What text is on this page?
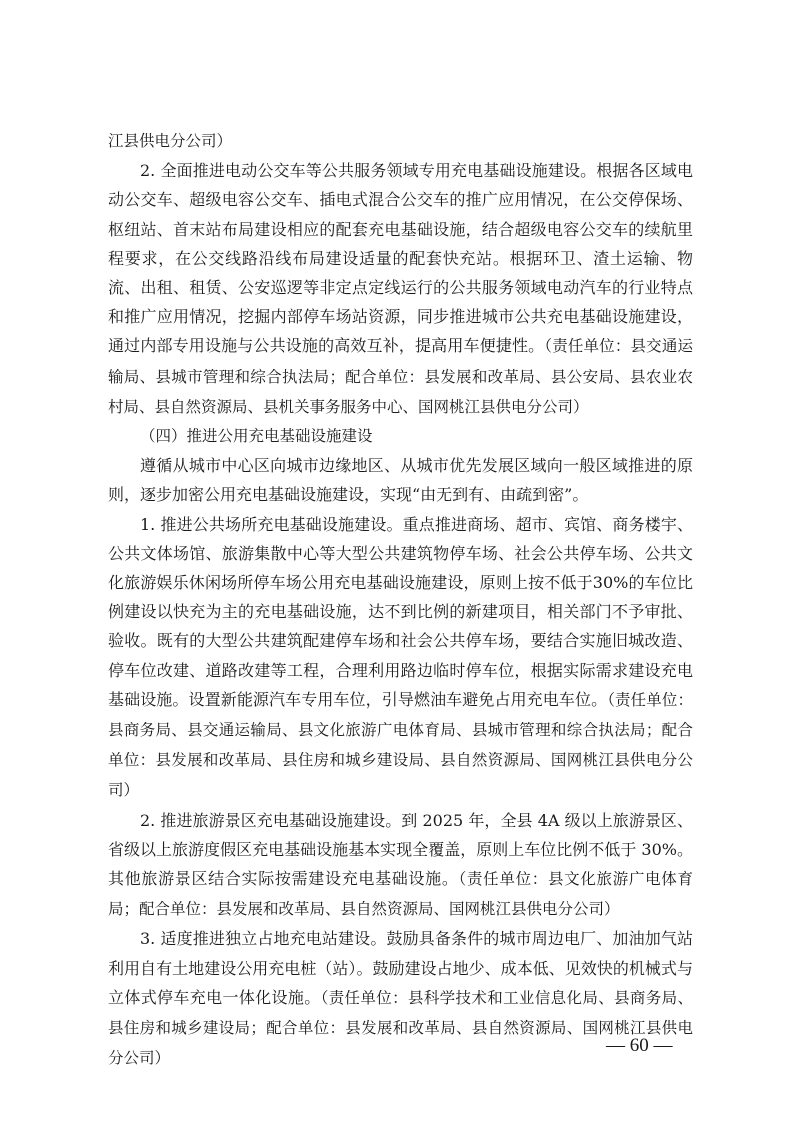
江县供电分公司）

2. 全面推进电动公交车等公共服务领域专用充电基础设施建设。根据各区域电动公交车、超级电容公交车、插电式混合公交车的推广应用情况，在公交停保场、枢纽站、首末站布局建设相应的配套充电基础设施，结合超级电容公交车的续航里程要求，在公交线路沿线布局建设适量的配套快充站。根据环卫、渣土运输、物流、出租、租赁、公安巡逻等非定点定线运行的公共服务领域电动汽车的行业特点和推广应用情况，挖掘内部停车场站资源，同步推进城市公共充电基础设施建设，通过内部专用设施与公共设施的高效互补，提高用车便捷性。（责任单位：县交通运输局、县城市管理和综合执法局；配合单位：县发展和改革局、县公安局、县农业农村局、县自然资源局、县机关事务服务中心、国网桃江县供电分公司）

（四）推进公用充电基础设施建设

遵循从城市中心区向城市边缘地区、从城市优先发展区域向一般区域推进的原则，逐步加密公用充电基础设施建设，实现“由无到有、由疏到密”。

1. 推进公共场所充电基础设施建设。重点推进商场、超市、宾馆、商务楼宇、公共文体场馆、旅游集散中心等大型公共建筑物停车场、社会公共停车场、公共文化旅游娱乐休闲场所停车场公用充电基础设施建设，原则上按不低于30%的车位比例建设以快充为主的充电基础设施，达不到比例的新建项目，相关部门不予审批、验收。既有的大型公共建筑配建停车场和社会公共停车场，要结合实施旧城改造、停车位改建、道路改建等工程，合理利用路边临时停车位，根据实际需求建设充电基础设施。设置新能源汽车专用车位，引导燃油车避免占用充电车位。（责任单位：县商务局、县交通运输局、县文化旅游广电体育局、县城市管理和综合执法局；配合单位：县发展和改革局、县住房和城乡建设局、县自然资源局、国网桃江县供电分公司）

2. 推进旅游景区充电基础设施建设。到 2025 年，全县 4A 级以上旅游景区、省级以上旅游度假区充电基础设施基本实现全覆盖，原则上车位比例不低于 30%。其他旅游景区结合实际按需建设充电基础设施。（责任单位：县文化旅游广电体育局；配合单位：县发展和改革局、县自然资源局、国网桃江县供电分公司）

3. 适度推进独立占地充电站建设。鼓励具备条件的城市周边电厂、加油加气站利用自有土地建设公用充电桩（站）。鼓励建设占地少、成本低、见效快的机械式与立体式停车充电一体化设施。（责任单位：县科学技术和工业信息化局、县商务局、县住房和城乡建设局；配合单位：县发展和改革局、县自然资源局、国网桃江县供电分公司）

— 60 —
